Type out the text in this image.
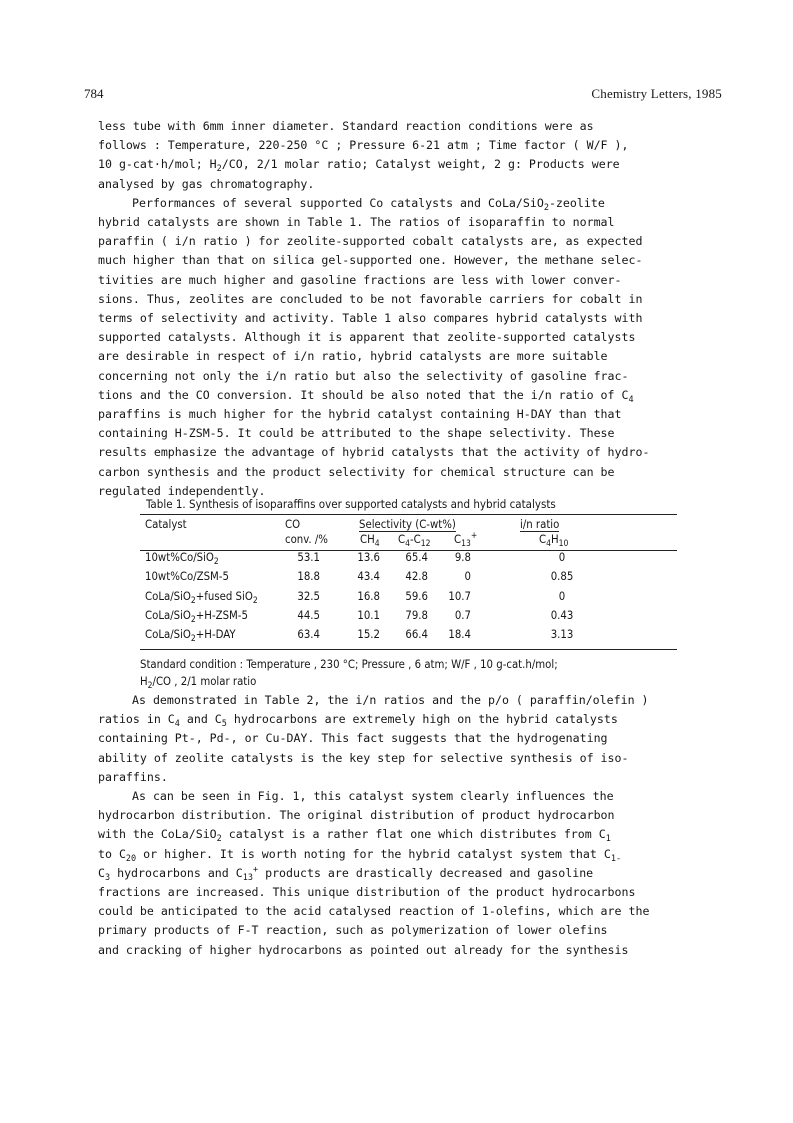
784	Chemistry Letters, 1985

less tube with 6mm inner diameter. Standard reaction conditions were as
follows : Temperature, 220-250 °C ; Pressure 6-21 atm ; Time factor ( W/F ),
10 g-cat·h/mol; $H_2/CO$, 2/1 molar ratio; Catalyst weight, 2 g: Products were
analysed by gas chromatography.

Performances of several supported Co catalysts and CoLa/SiO$_2$-zeolite
hybrid catalysts are shown in Table 1. The ratios of isoparaffin to normal
paraffin ( i/n ratio ) for zeolite-supported cobalt catalysts are, as expected
much higher than that on silica gel-supported one. However, the methane selec-
tivities are much higher and gasoline fractions are less with lower conver-
sions. Thus, zeolites are concluded to be not favorable carriers for cobalt in
terms of selectivity and activity. Table 1 also compares hybrid catalysts with
supported catalysts. Although it is apparent that zeolite-supported catalysts
are desirable in respect of i/n ratio, hybrid catalysts are more suitable
concerning not only the i/n ratio but also the selectivity of gasoline frac-
tions and the CO conversion. It should be also noted that the i/n ratio of $C_4$
paraffins is much higher for the hybrid catalyst containing H-DAY than that
containing H-ZSM-5. It could be attributed to the shape selectivity. These
results emphasize the advantage of hybrid catalysts that the activity of hydro-
carbon synthesis and the product selectivity for chemical structure can be
regulated independently.

Table 1. Synthesis of isoparaffins over supported catalysts and hybrid catalysts
Catalyst	CO	Selectivity (C-wt%)	i/n ratio
conv. /%	$CH_4$ $C_4-C_{12}$ $C_{13}^+$	$C_4H_{10}$
10wt%Co/SiO$_2$	53.1	13.6	65.4	9.8	0
10wt%Co/ZSM-5	18.8	43.4	42.8	0	0.85
CoLa/SiO$_2$+fused SiO$_2$	32.5	16.8	59.6	10.7	0
CoLa/SiO$_2$+H-ZSM-5	44.5	10.1	79.8	0.7	0.43
CoLa/SiO$_2$+H-DAY	63.4	15.2	66.4	18.4	3.13
Standard condition : Temperature , 230 °C; Pressure , 6 atm; W/F , 10 g-cat.h/mol;
$H_2/CO$ , 2/1 molar ratio

As demonstrated in Table 2, the i/n ratios and the p/o ( paraffin/olefin )
ratios in $C_4$ and $C_5$ hydrocarbons are extremely high on the hybrid catalysts
containing Pt-, Pd-, or Cu-DAY. This fact suggests that the hydrogenating
ability of zeolite catalysts is the key step for selective synthesis of iso-
paraffins.

As can be seen in Fig. 1, this catalyst system clearly influences the
hydrocarbon distribution. The original distribution of product hydrocarbon
with the CoLa/SiO$_2$ catalyst is a rather flat one which distributes from $C_1$
to $C_{20}$ or higher. It is worth noting for the hybrid catalyst system that $C_{1-}$
$C_3$ hydrocarbons and $C_{13}^+$ products are drastically decreased and gasoline
fractions are increased. This unique distribution of the product hydrocarbons
could be anticipated to the acid catalysed reaction of 1-olefins, which are the
primary products of F-T reaction, such as polymerization of lower olefins
and cracking of higher hydrocarbons as pointed out already for the synthesis
